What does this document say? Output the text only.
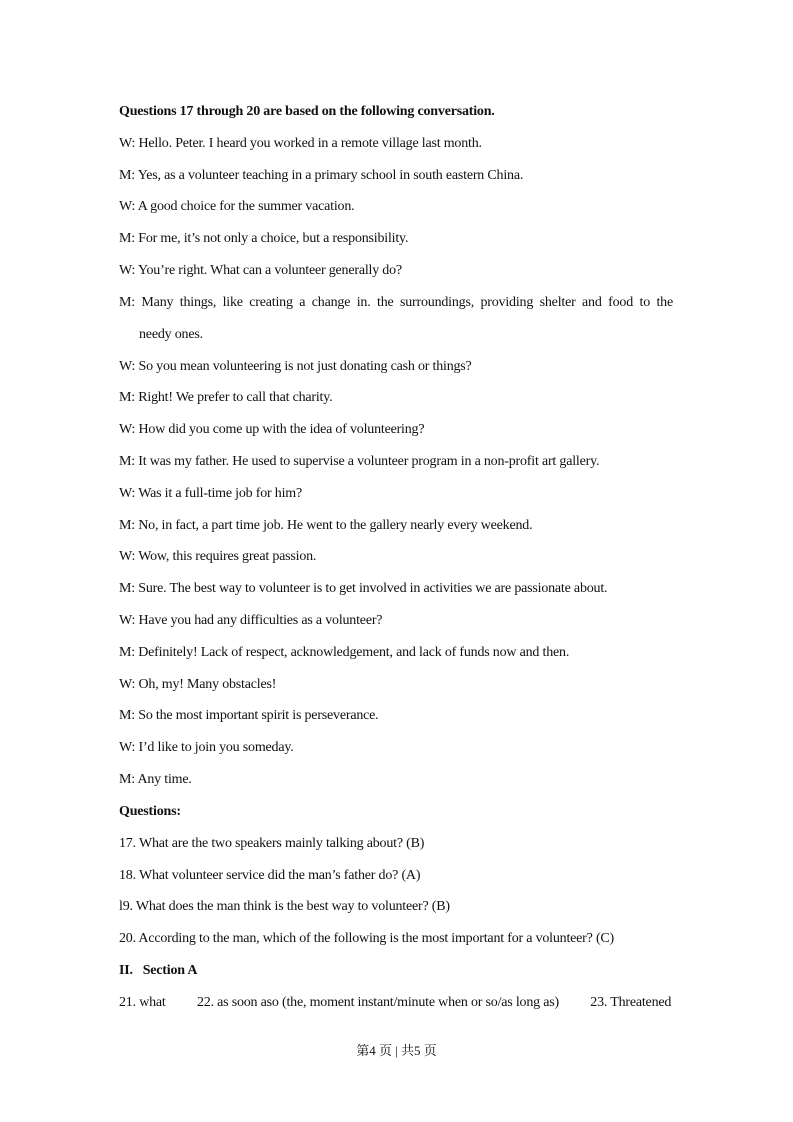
Questions 17 through 20 are based on the following conversation.
W: Hello. Peter. I heard you worked in a remote village last month.
M: Yes, as a volunteer teaching in a primary school in south eastern China.
W: A good choice for the summer vacation.
M: For me, it’s not only a choice, but a responsibility.
W: You’re right. What can a volunteer generally do?
M: Many things, like creating a change in. the surroundings, providing shelter and food to the
needy ones.
W: So you mean volunteering is not just donating cash or things?
M: Right! We prefer to call that charity.
W: How did you come up with the idea of volunteering?
M: It was my father. He used to supervise a volunteer program in a non-profit art gallery.
W: Was it a full-time job for him?
M: No, in fact, a part time job. He went to the gallery nearly every weekend.
W: Wow, this requires great passion.
M: Sure. The best way to volunteer is to get involved in activities we are passionate about.
W: Have you had any difficulties as a volunteer?
M: Definitely! Lack of respect, acknowledgement, and lack of funds now and then.
W: Oh, my! Many obstacles!
M: So the most important spirit is perseverance.
W: I’d like to join you someday.
M: Any time.
Questions:
17. What are the two speakers mainly talking about? (B)
18. What volunteer service did the man’s father do? (A)
l9. What does the man think is the best way to volunteer? (B)
20. According to the man, which of the following is the most important for a volunteer? (C)
II.   Section A
21. what 22. as soon aso (the, moment instant/minute when or so/as long as) 23. Threatened
第4 页 | 共5 页
